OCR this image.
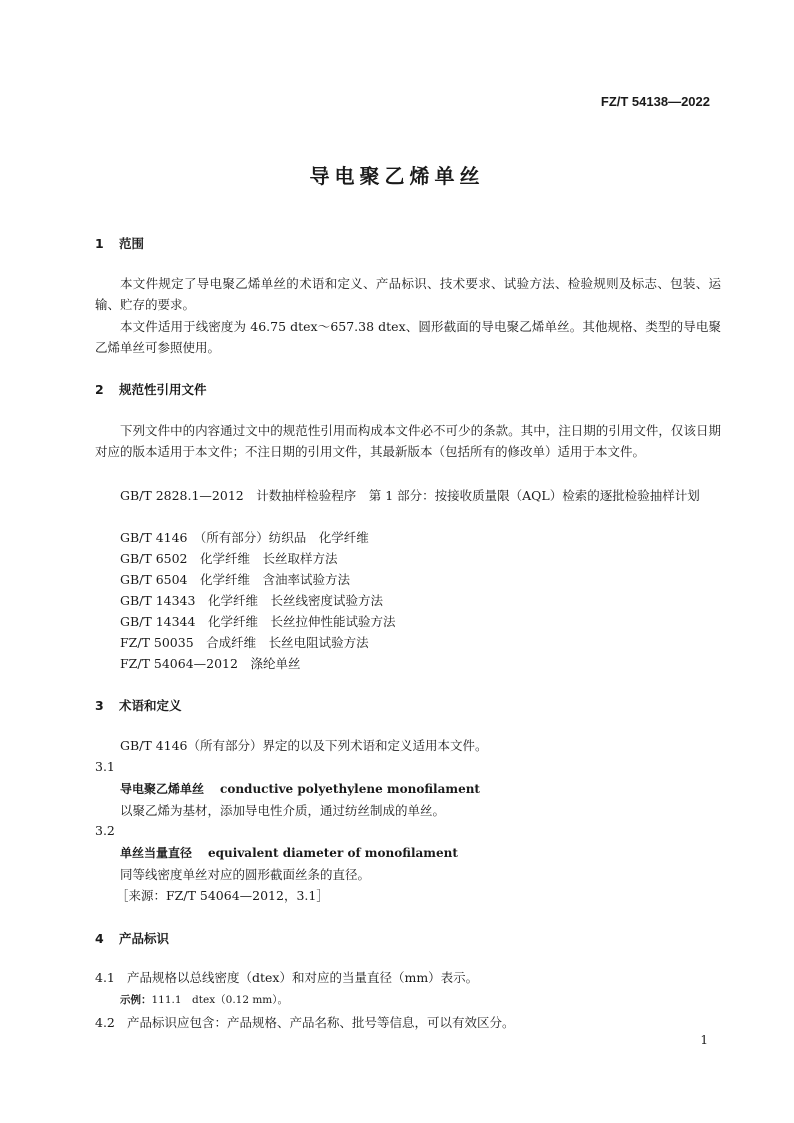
FZ/T 54138—2022
导电聚乙烯单丝
1 范围
本文件规定了导电聚乙烯单丝的术语和定义、产品标识、技术要求、试验方法、检验规则及标志、包装、运输、贮存的要求。
本文件适用于线密度为 46.75 dtex～657.38 dtex、圆形截面的导电聚乙烯单丝。其他规格、类型的导电聚乙烯单丝可参照使用。
2 规范性引用文件
下列文件中的内容通过文中的规范性引用而构成本文件必不可少的条款。其中，注日期的引用文件，仅该日期对应的版本适用于本文件；不注日期的引用文件，其最新版本（包括所有的修改单）适用于本文件。
GB/T 2828.1—2012　计数抽样检验程序　第 1 部分：按接收质量限（AQL）检索的逐批检验抽样计划
GB/T 4146　（所有部分）纺织品　化学纤维
GB/T 6502　化学纤维　长丝取样方法
GB/T 6504　化学纤维　含油率试验方法
GB/T 14343　化学纤维　长丝线密度试验方法
GB/T 14344　化学纤维　长丝拉伸性能试验方法
FZ/T 50035　合成纤维　长丝电阻试验方法
FZ/T 54064—2012　涤纶单丝
3 术语和定义
GB/T 4146（所有部分）界定的以及下列术语和定义适用本文件。
3.1
导电聚乙烯单丝 conductive polyethylene monofilament
以聚乙烯为基材，添加导电性介质，通过纺丝制成的单丝。
3.2
单丝当量直径 equivalent diameter of monofilament
同等线密度单丝对应的圆形截面丝条的直径。
［来源：FZ/T 54064—2012，3.1］
4 产品标识
4.1 产品规格以总线密度（dtex）和对应的当量直径（mm）表示。
示例：111.1　dtex（0.12 mm）。
4.2 产品标识应包含：产品规格、产品名称、批号等信息，可以有效区分。
1
